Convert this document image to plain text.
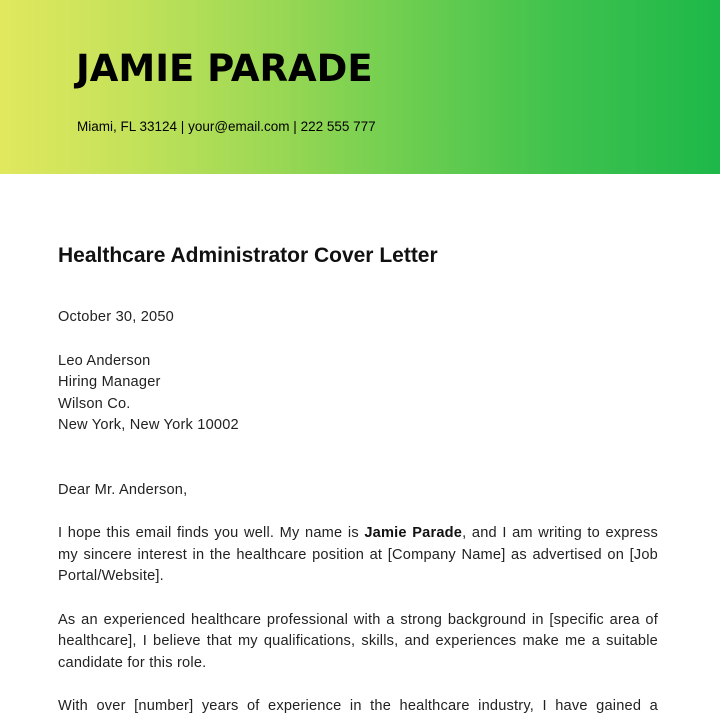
JAMIE PARADE

Miami, FL 33124 | your@email.com | 222 555 777

Healthcare Administrator Cover Letter

October 30, 2050

Leo Anderson
Hiring Manager
Wilson Co.
New York, New York 10002

Dear Mr. Anderson,

I hope this email finds you well. My name is Jamie Parade, and I am writing to express my sincere interest in the healthcare position at [Company Name] as advertised on [Job Portal/Website].

As an experienced healthcare professional with a strong background in [specific area of healthcare], I believe that my qualifications, skills, and experiences make me a suitable candidate for this role.

With over [number] years of experience in the healthcare industry, I have gained a
